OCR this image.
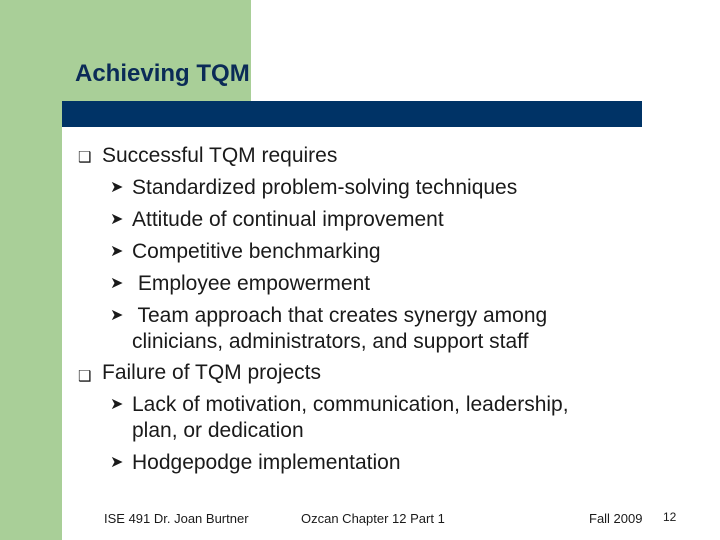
Achieving TQM
❑ Successful TQM requires
➤ Standardized problem-solving techniques
➤ Attitude of continual improvement
➤ Competitive benchmarking
➤ Employee empowerment
➤ Team approach that creates synergy among
clinicians, administrators, and support staff
❑ Failure of TQM projects
➤ Lack of motivation, communication, leadership,
plan, or dedication
➤ Hodgepodge implementation
ISE 491 Dr. Joan Burtner	Ozcan Chapter 12 Part 1	Fall 2009 12
